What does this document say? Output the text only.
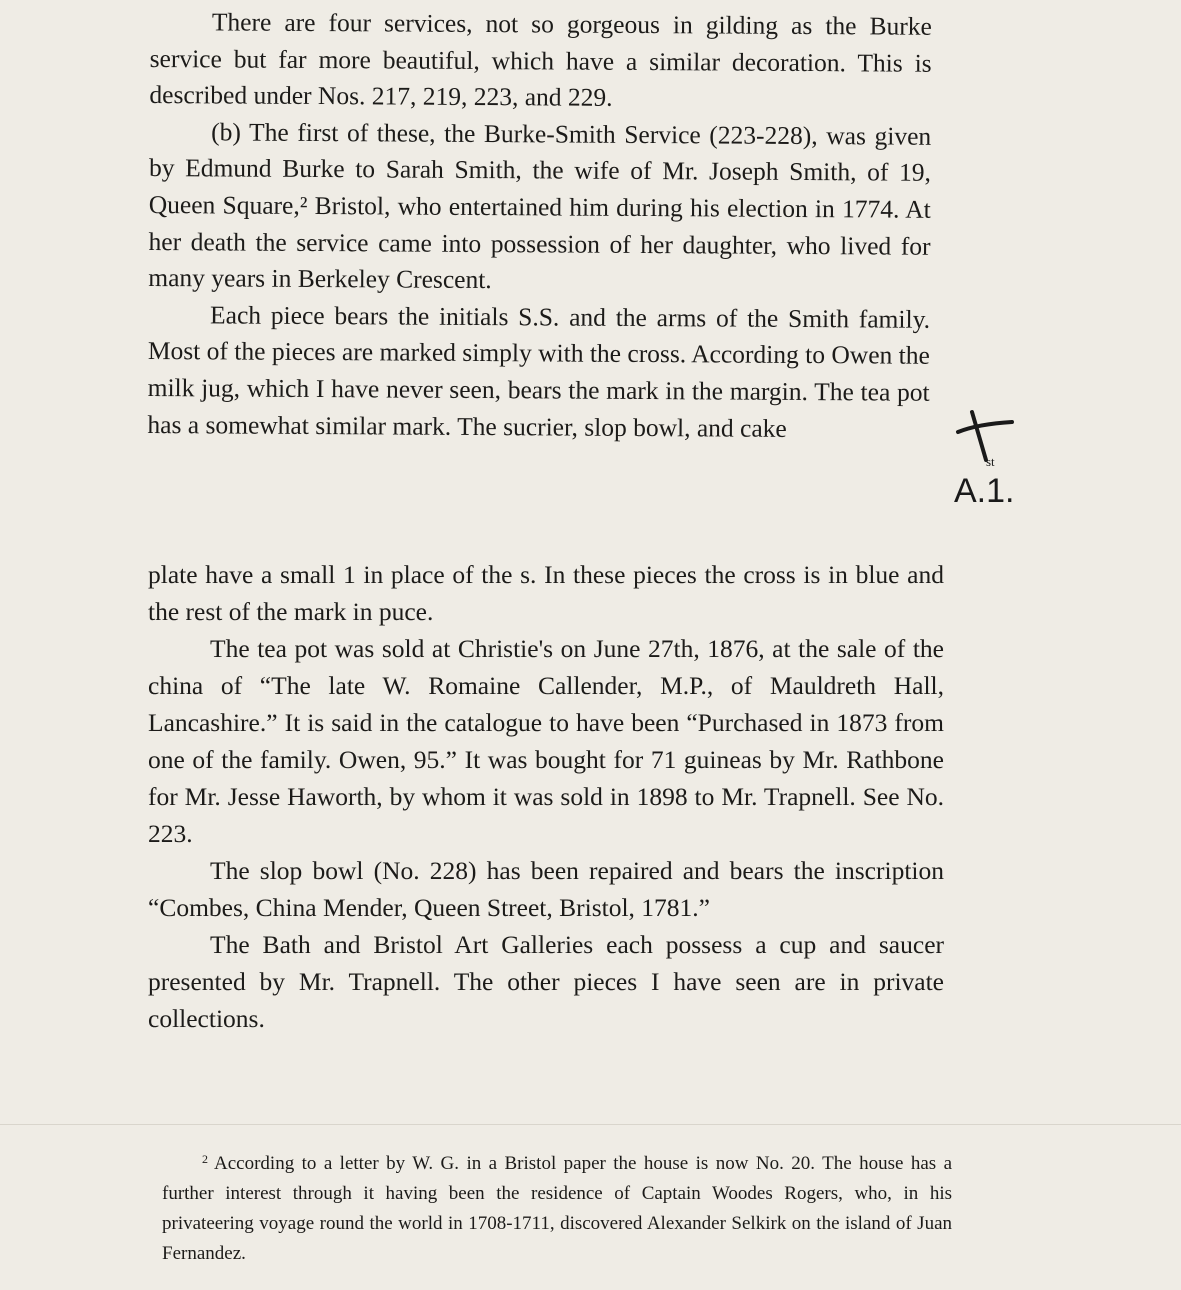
There are four services, not so gorgeous in gilding as the Burke service but far more beautiful, which have a similar decoration. This is described under Nos. 217, 219, 223, and 229.

(b) The first of these, the Burke-Smith Service (223-228), was given by Edmund Burke to Sarah Smith, the wife of Mr. Joseph Smith, of 19, Queen Square,² Bristol, who entertained him during his election in 1774. At her death the service came into possession of her daughter, who lived for many years in Berkeley Crescent.

Each piece bears the initials S.S. and the arms of the Smith family. Most of the pieces are marked simply with the cross. According to Owen the milk jug, which I have never seen, bears the mark in the margin. The tea pot has a somewhat similar mark. The sucrier, slop bowl, and cake

st
A.1.

plate have a small 1 in place of the s. In these pieces the cross is in blue and the rest of the mark in puce.

The tea pot was sold at Christie's on June 27th, 1876, at the sale of the china of “The late W. Romaine Callender, M.P., of Mauldreth Hall, Lancashire.” It is said in the catalogue to have been “Purchased in 1873 from one of the family. Owen, 95.” It was bought for 71 guineas by Mr. Rathbone for Mr. Jesse Haworth, by whom it was sold in 1898 to Mr. Trapnell. See No. 223.

The slop bowl (No. 228) has been repaired and bears the inscription “Combes, China Mender, Queen Street, Bristol, 1781.”

The Bath and Bristol Art Galleries each possess a cup and saucer presented by Mr. Trapnell. The other pieces I have seen are in private collections.

$^2$ According to a letter by W. G. in a Bristol paper the house is now No. 20. The house has a further interest through it having been the residence of Captain Woodes Rogers, who, in his privateering voyage round the world in 1708-1711, discovered Alexander Selkirk on the island of Juan Fernandez.
